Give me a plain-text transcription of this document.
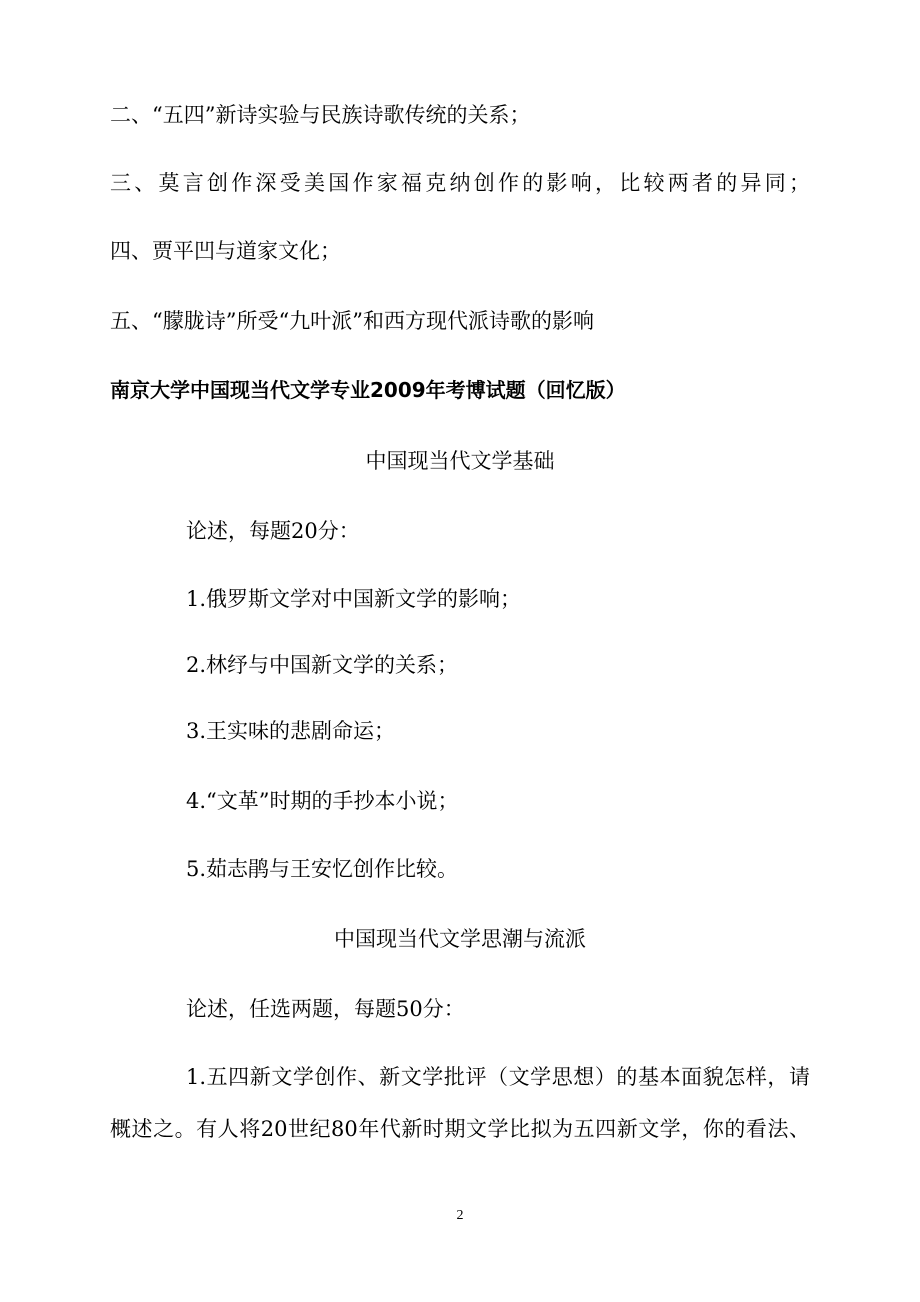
二、“五四”新诗实验与民族诗歌传统的关系；
三、莫言创作深受美国作家福克纳创作的影响，比较两者的异同；
四、贾平凹与道家文化；
五、“朦胧诗”所受“九叶派”和西方现代派诗歌的影响
南京大学中国现当代文学专业2009年考博试题（回忆版）
中国现当代文学基础
论述，每题20分：
1.俄罗斯文学对中国新文学的影响；
2.林纾与中国新文学的关系；
3.王实味的悲剧命运；
4.“文革”时期的手抄本小说；
5.茹志鹃与王安忆创作比较。
中国现当代文学思潮与流派
论述，任选两题，每题50分：
1.五四新文学创作、新文学批评（文学思想）的基本面貌怎样，请
概述之。有人将20世纪80年代新时期文学比拟为五四新文学，你的看法、
2
